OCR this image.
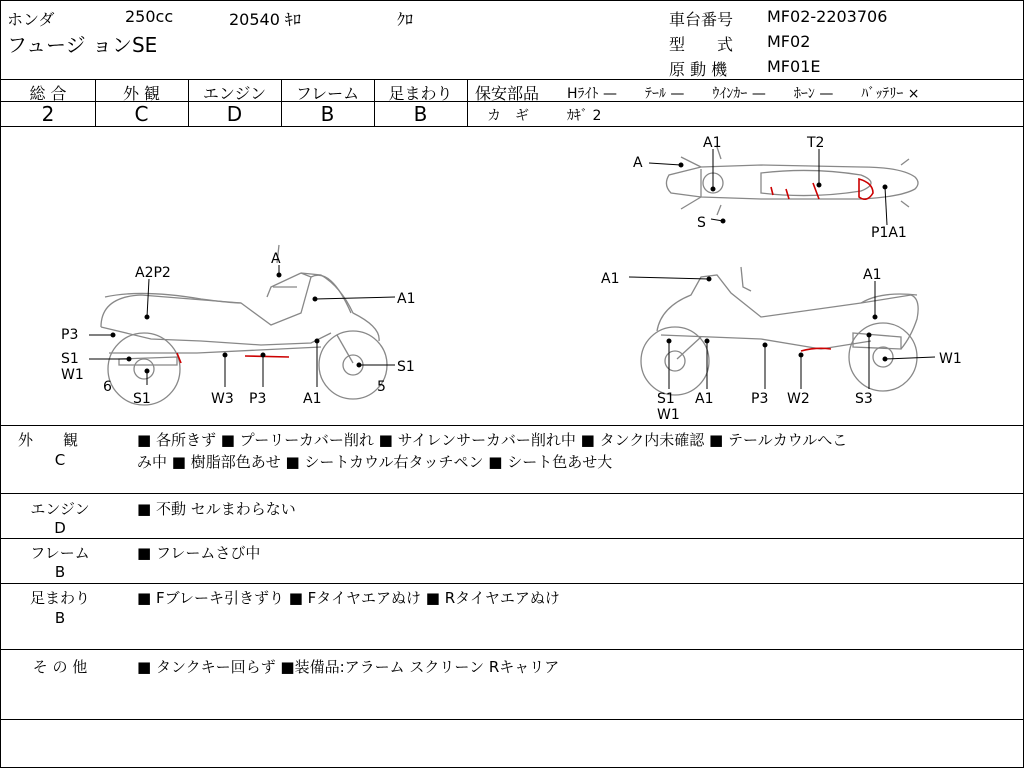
ホンダ	250cc	20540 ｷﾛ	ｸﾛ
フュージ ョンSE
車台番号 MF02-2203706
型　　式 MF02
原 動 機 MF01E
総 合	外 観	エンジン	フレーム	足まわり
2	C	D	B	B
保安部品 Hﾗｲﾄ —　　ﾃｰﾙ —　　ｳｲﾝｶｰ —　　ﾎｰﾝ —　　ﾊﾞｯﾃﾘｰ ×
カ　ギ	ｶｷﾞ 2
A
A1	T2
S
P1A1
A2P2
A
A1
P3
S1
W1
6
S1	W3 P3	A1
S1
5
A1	A1
W1
S1
W1
A1	P3 W2	S3
外　　観
C
■ 各所きず ■ プーリーカバー削れ ■ サイレンサーカバー削れ中 ■ タンク内未確認 ■ テールカウルへこ
み中 ■ 樹脂部色あせ ■ シートカウル右タッチペン ■ シート色あせ大
エンジン
D
■ 不動 セルまわらない
フレーム
B
■ フレームさび中
足まわり
B
■ Fブレーキ引きずり ■ Fタイヤエアぬけ ■ Rタイヤエアぬけ
そ の 他	■ タンクキー回らず ■装備品:アラーム スクリーン Rキャリア
